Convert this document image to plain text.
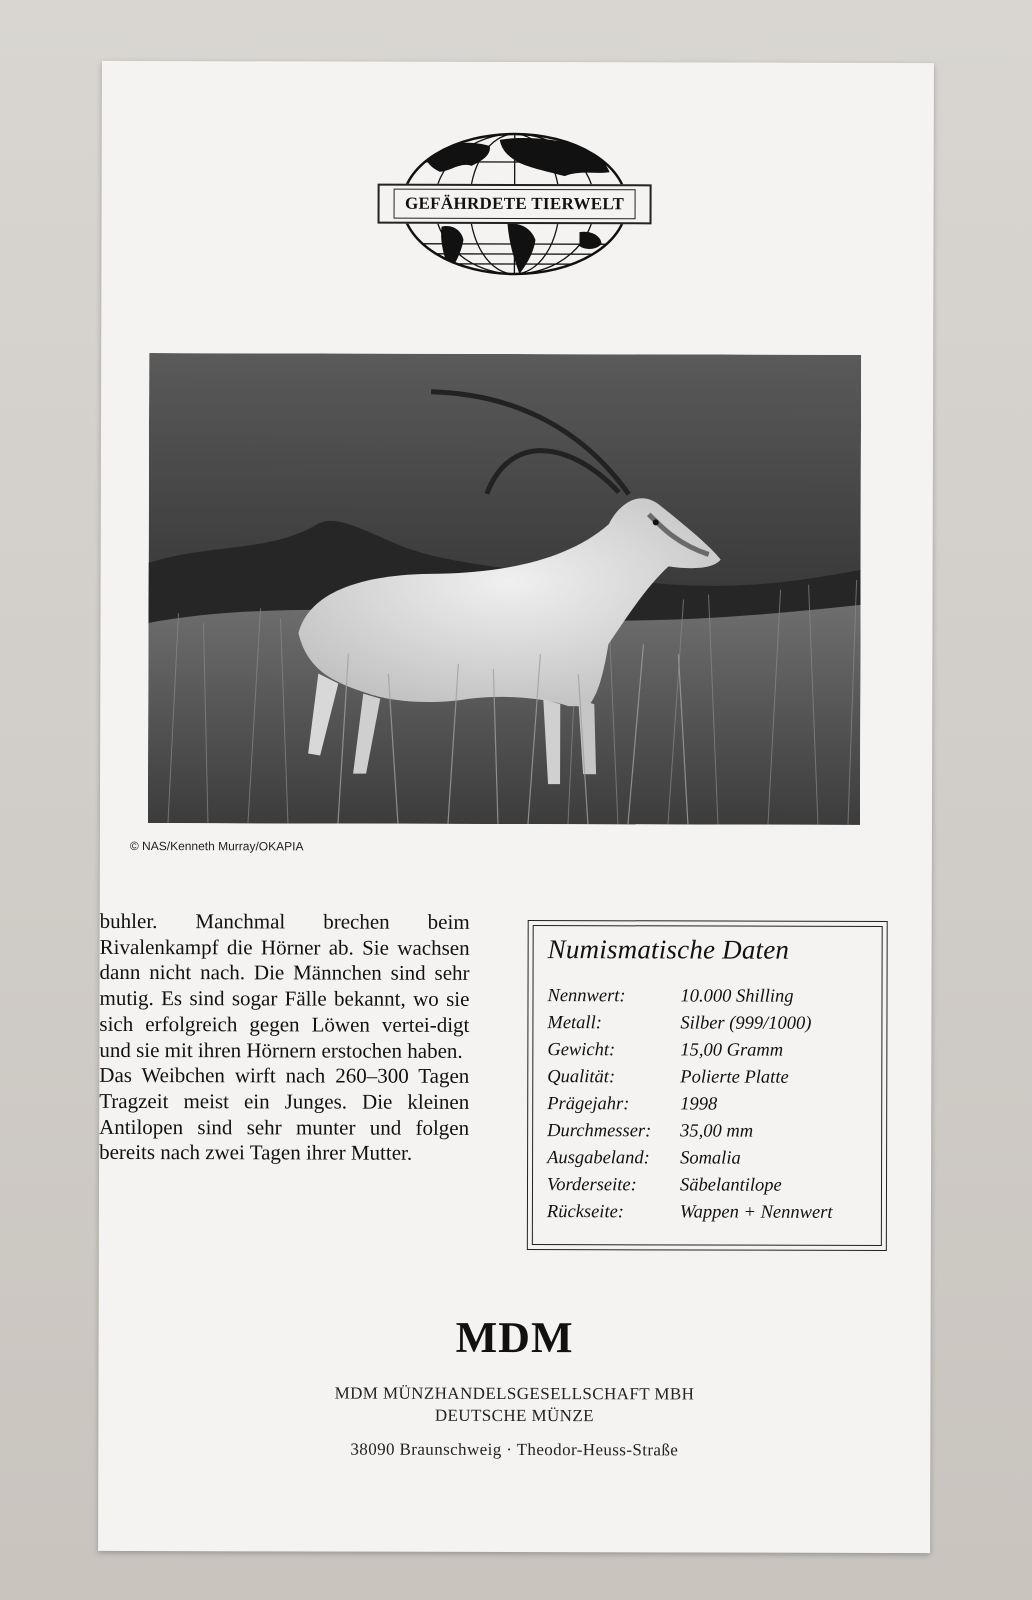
GEFÄHRDETE TIERWELT
© NAS/Kenneth Murray/OKAPIA

buhler. Manchmal brechen beim Rivalenkampf die Hörner ab. Sie wachsen dann nicht nach. Die Männchen sind sehr mutig. Es sind sogar Fälle bekannt, wo sie sich erfolgreich gegen Löwen vertei-digt und sie mit ihren Hörnern erstochen haben.

Das Weibchen wirft nach 260–300 Tagen Tragzeit meist ein Junges. Die kleinen Antilopen sind sehr munter und folgen bereits nach zwei Tagen ihrer Mutter.

Numismatische Daten
Nennwert:	10.000 Shilling
Metall:	Silber (999/1000)
Gewicht:	15,00 Gramm
Qualität:	Polierte Platte
Prägejahr:	1998
Durchmesser:	35,00 mm
Ausgabeland:	Somalia
Vorderseite:	Säbelantilope
Rückseite:	Wappen + Nennwert
MDM
MDM MÜNZHANDELSGESELLSCHAFT MBH
DEUTSCHE MÜNZE
38090 Braunschweig · Theodor-Heuss-Straße
